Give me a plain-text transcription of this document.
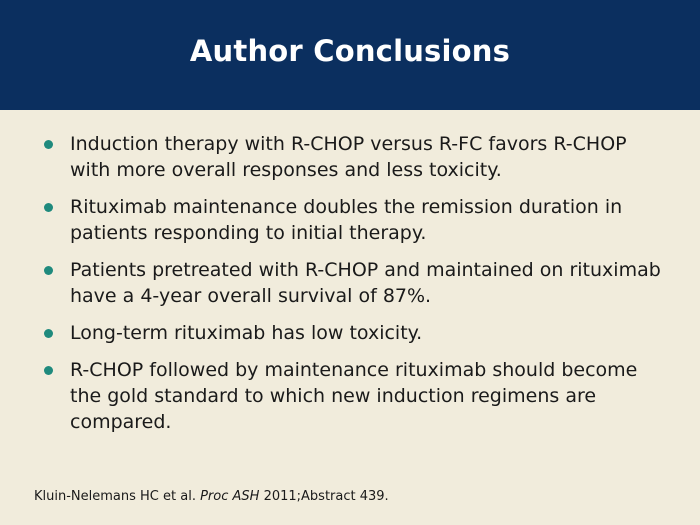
Author Conclusions
Induction therapy with R-CHOP versus R-FC favors R-CHOP with more overall responses and less toxicity.
Rituximab maintenance doubles the remission duration in patients responding to initial therapy.
Patients pretreated with R-CHOP and maintained on rituximab have a 4-year overall survival of 87%.
Long-term rituximab has low toxicity.
R-CHOP followed by maintenance rituximab should become the gold standard to which new induction regimens are compared.
Kluin-Nelemans HC et al. Proc ASH 2011;Abstract 439.
